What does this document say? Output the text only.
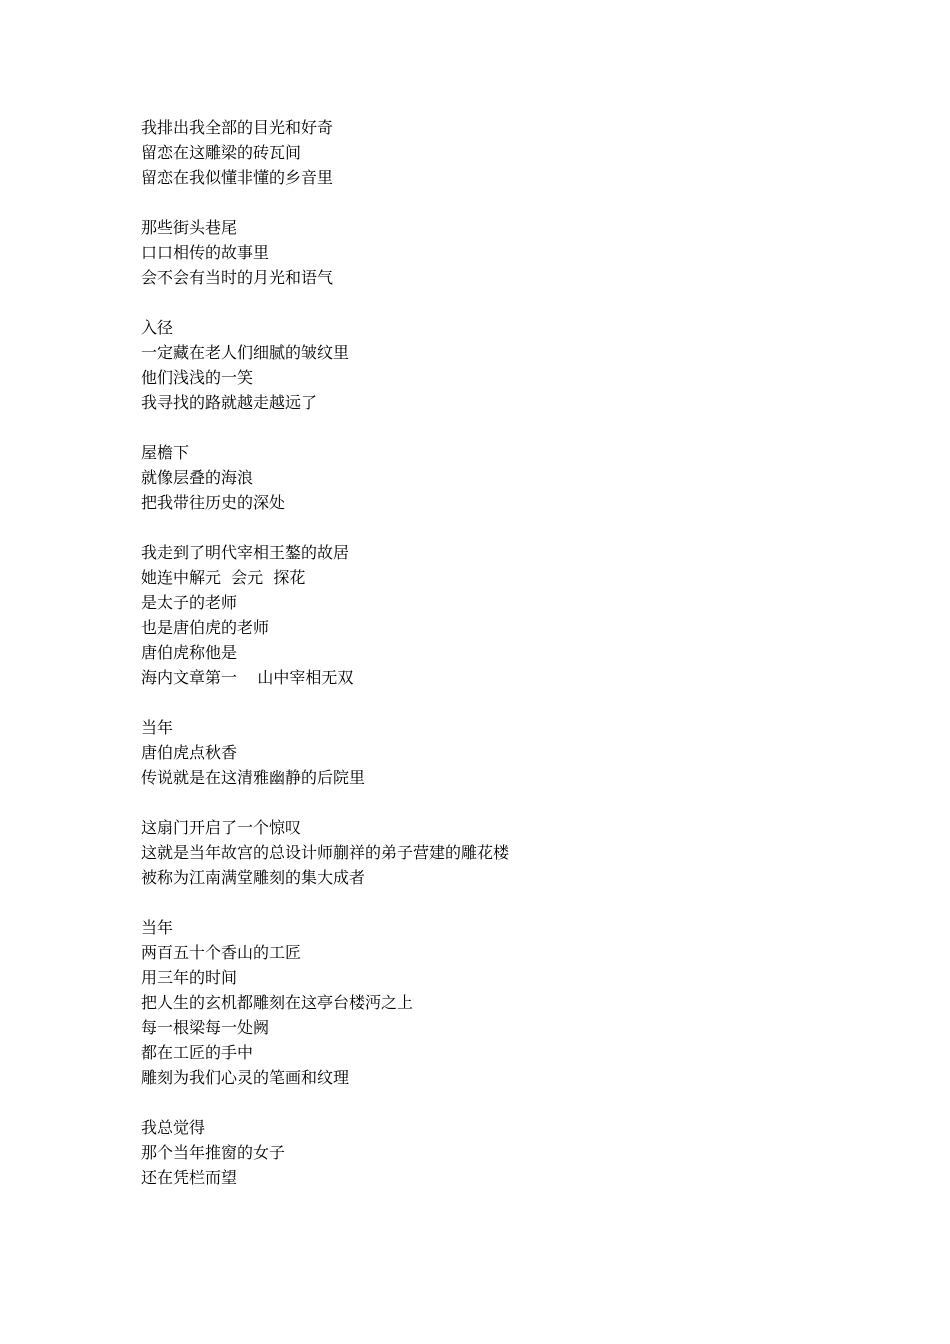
我排出我全部的目光和好奇
留恋在这雕梁的砖瓦间
留恋在我似懂非懂的乡音里
那些街头巷尾
口口相传的故事里
会不会有当时的月光和语气
入径
一定藏在老人们细腻的皱纹里
他们浅浅的一笑
我寻找的路就越走越远了
屋檐下
就像层叠的海浪
把我带往历史的深处
我走到了明代宰相王鏊的故居
她连中解元  会元  探花
是太子的老师
也是唐伯虎的老师
唐伯虎称他是
海内文章第一    山中宰相无双
当年
唐伯虎点秋香
传说就是在这清雅幽静的后院里
这扇门开启了一个惊叹
这就是当年故宫的总设计师蒯祥的弟子营建的雕花楼
被称为江南满堂雕刻的集大成者
当年
两百五十个香山的工匠
用三年的时间
把人生的玄机都雕刻在这亭台楼沔之上
每一根梁每一处阙
都在工匠的手中
雕刻为我们心灵的笔画和纹理
我总觉得
那个当年推窗的女子
还在凭栏而望
